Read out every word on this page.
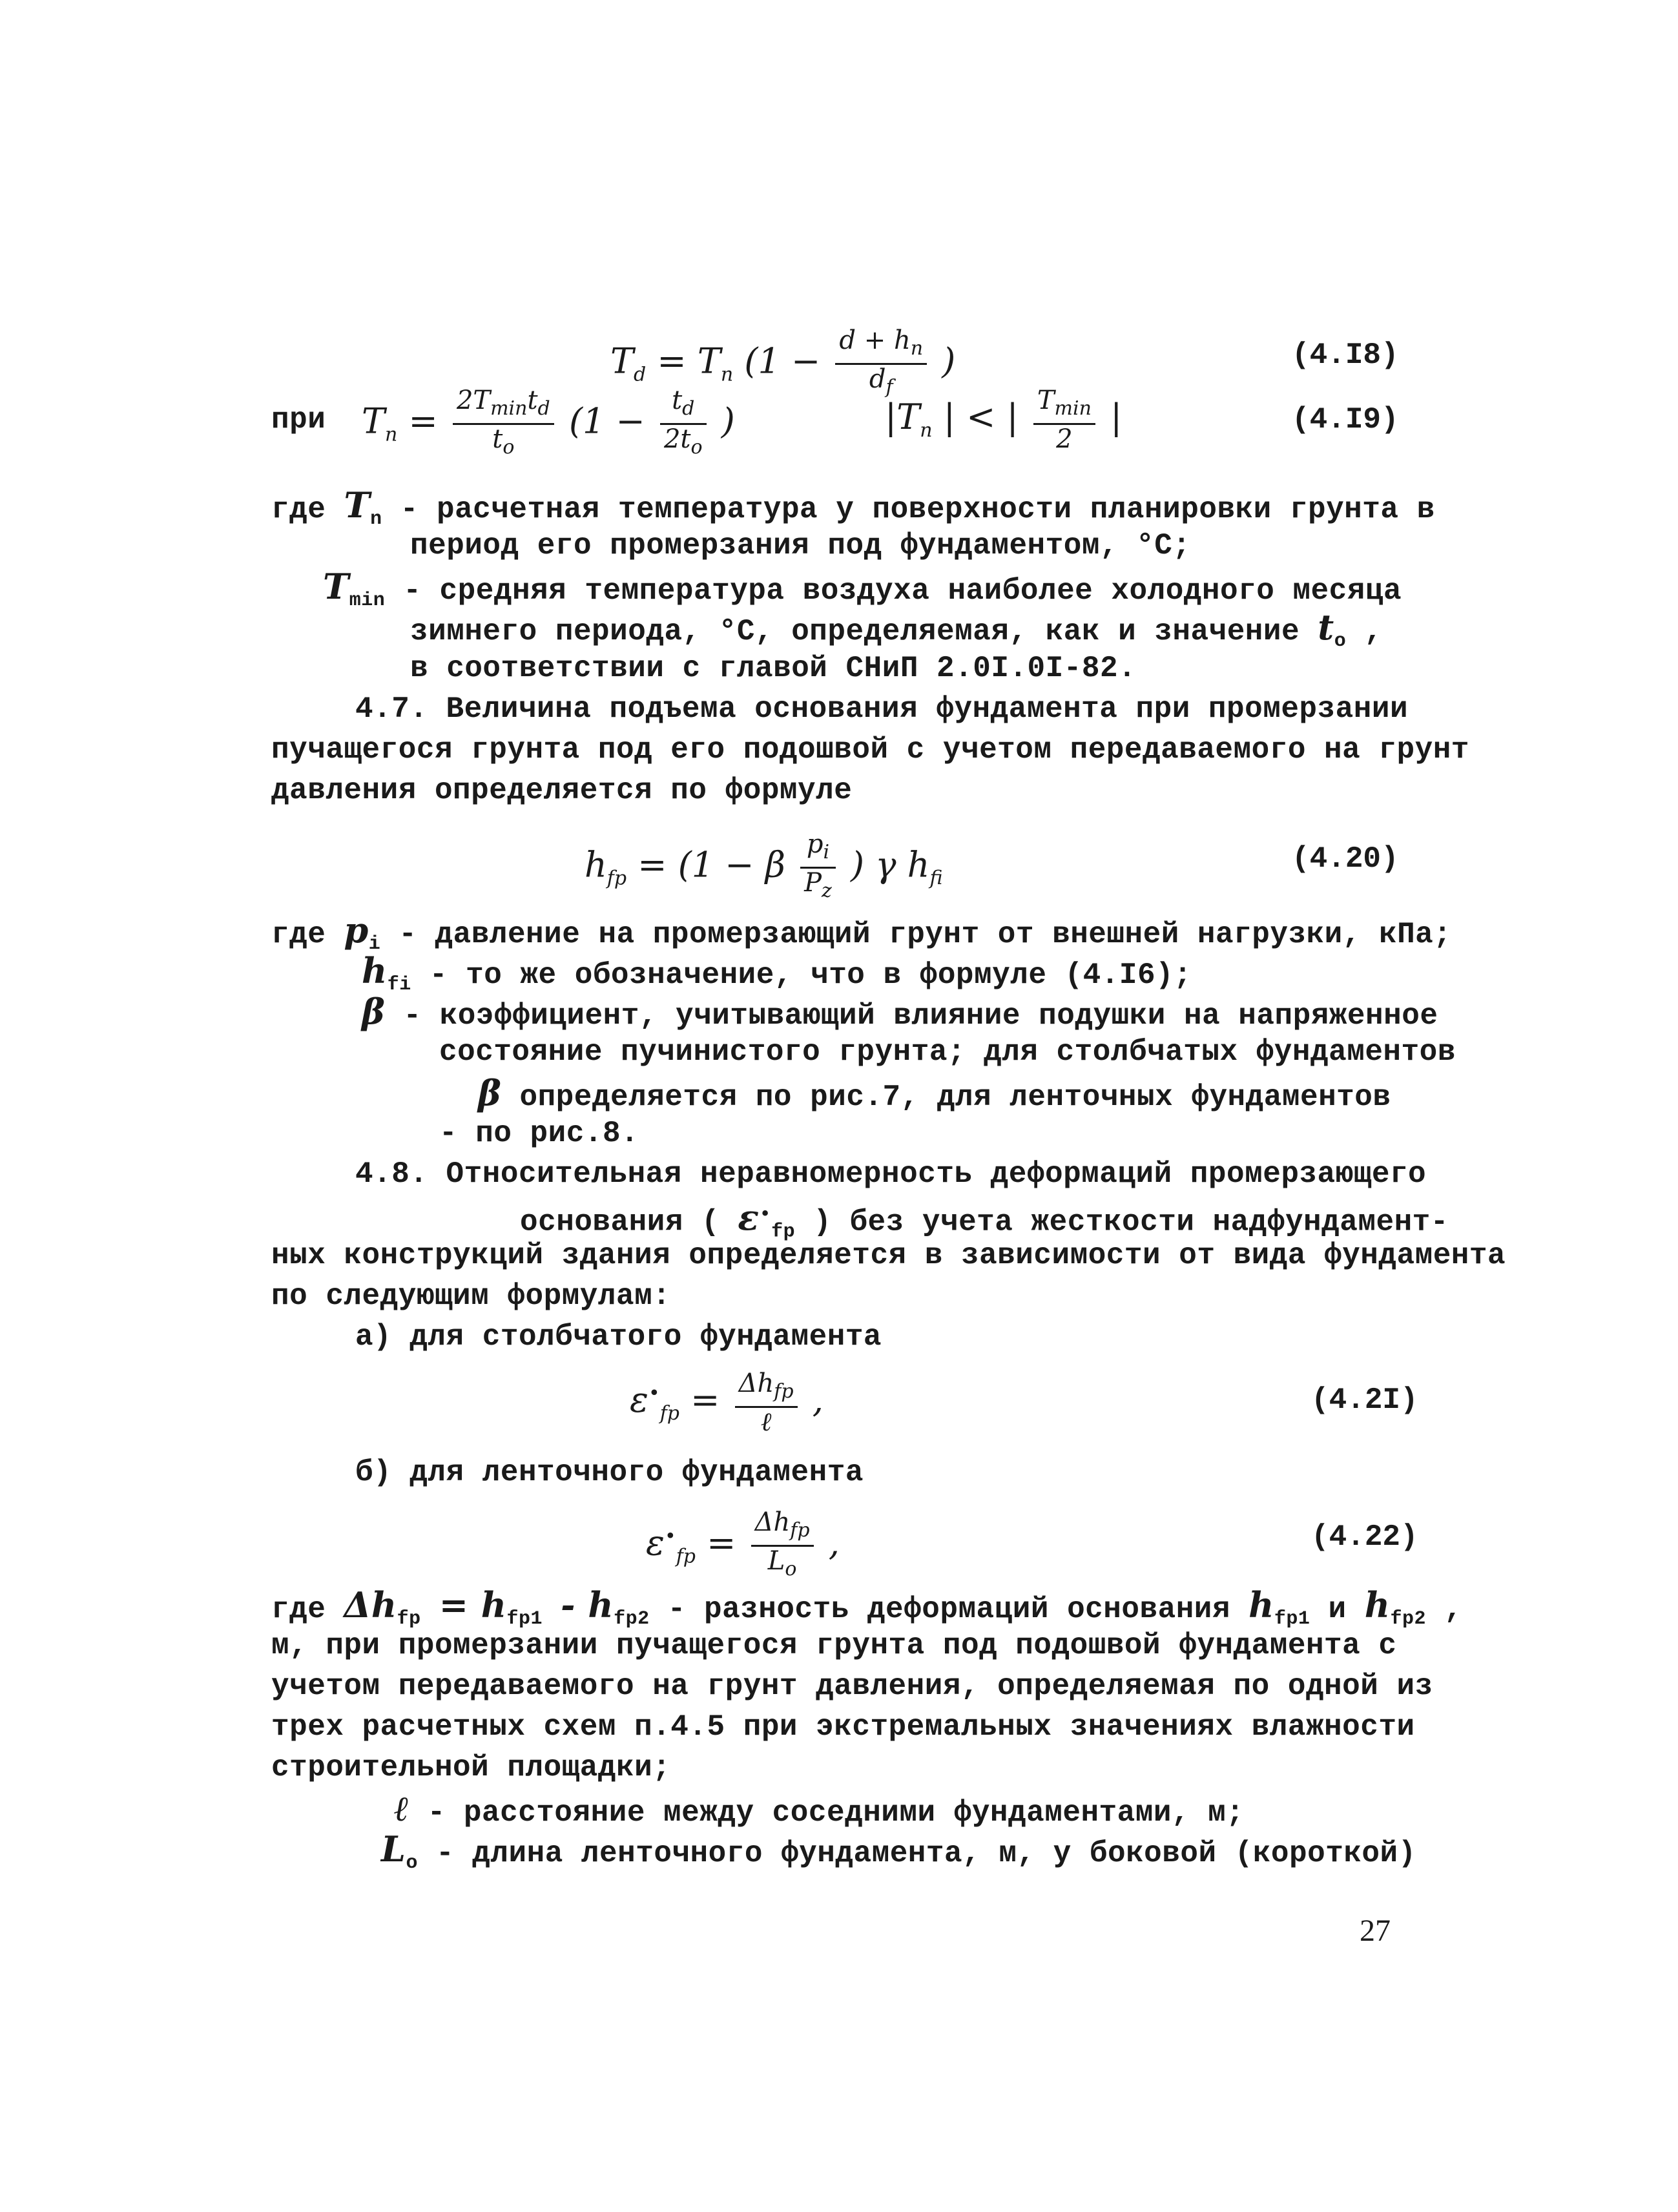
$T_d = T_n$ ($1 - \frac{d + h_n}{d_f}$ )	(4.I8)
при $T_n = \frac{2T_{min}t_d}{t_o} (1 - \frac{t_d}{2t_o}$ )	$|T_n$ | < | $\frac{T_{min}}{2}$ |	(4.I9)
где $T_n$ - расчетная температура у поверхности планировки грунта в
период его промерзания под фундаментом, °С;
$T_{min}$ - средняя температура воздуха наиболее холодного месяца
зимнего периода, °С, определяемая, как и значение $t_o$ ,
в соответствии с главой СНиП 2.0I.0I-82.
4.7. Величина подъема основания фундамента при промерзании
пучащегося грунта под его подошвой с учетом передаваемого на грунт
давления определяется по формуле
$h_{fp} = (1 - \beta \frac{p_i}{P_z}$ ) γ $h_{fi}$
(4.20)
где $p_i$ - давление на промерзающий грунт от внешней нагрузки, кПа;
$h_{fi}$ - то же обозначение, что в формуле (4.I6);
β - коэффициент, учитывающий влияние подушки на напряженное
состояние пучинистого грунта; для столбчатых фундаментов
β определяется по рис.7, для ленточных фундаментов
- по рис.8.
4.8. Относительная неравномерность деформаций промерзающего
основания ( $\varepsilon^•_{fp}$ ) без учета жесткости надфундамент-
ных конструкций здания определяется в зависимости от вида фундамента
по следующим формулам:
а) для столбчатого фундамента
$\varepsilon^•_{fp} = \frac{\Delta h_{fp}}{\text{ℓ}}$ ,	(4.2I)
б) для ленточного фундамента
$\varepsilon^•_{fp} = \frac{\Delta h_{fp}}{L_o}$ ,	(4.22)
где $\Delta h_{fp} = h_{fp1} - h_{fp2}$ - разность деформаций основания $h_{fp1}$ и $h_{fp2}$ ,
м, при промерзании пучащегося грунта под подошвой фундамента с
учетом передаваемого на грунт давления, определяемая по одной из
трех расчетных схем п.4.5 при экстремальных значениях влажности
строительной площадки;
ℓ - расстояние между соседними фундаментами, м;
$L_o$ - длина ленточного фундамента, м, у боковой (короткой)
27
